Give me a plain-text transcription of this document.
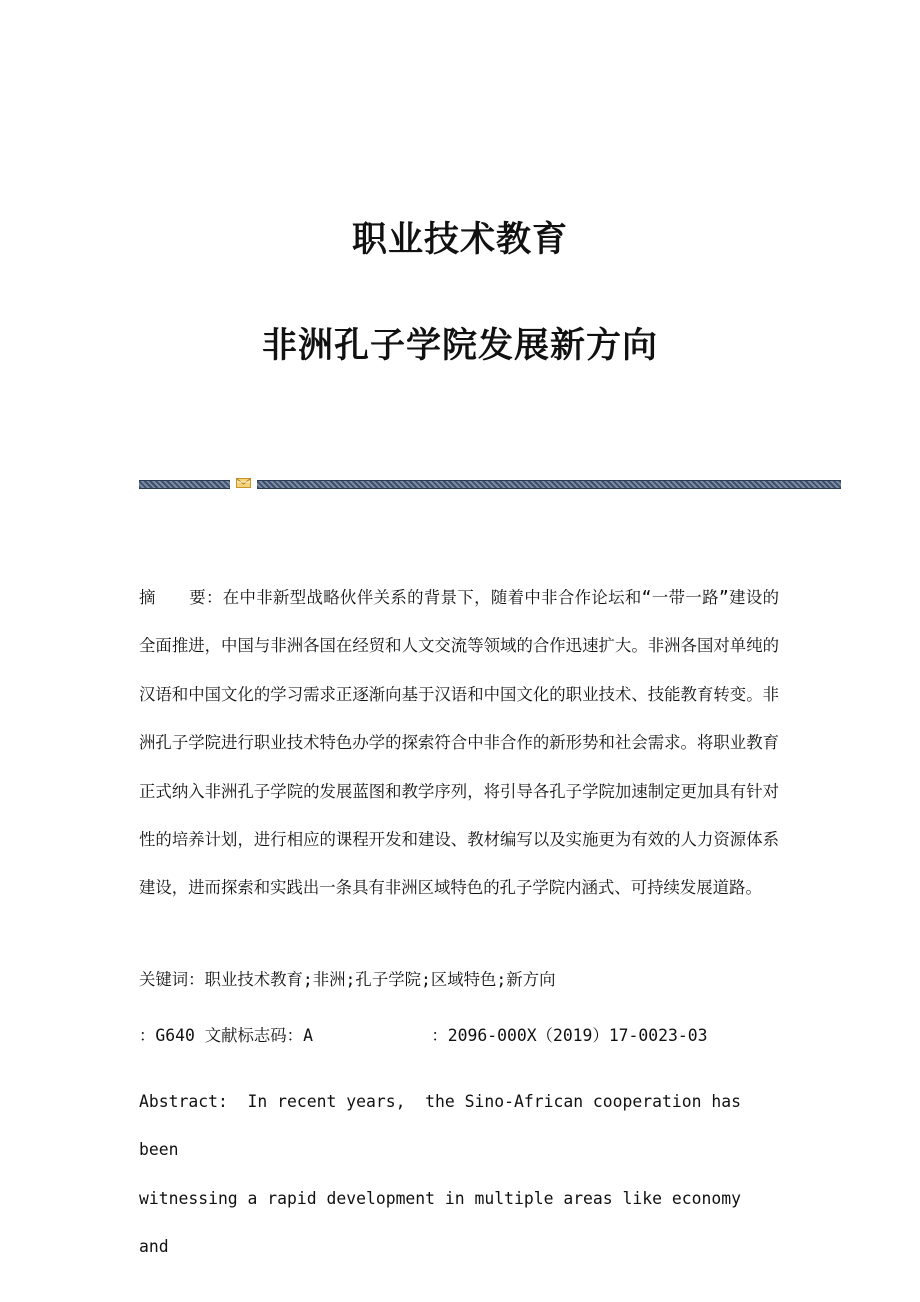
职业技术教育
非洲孔子学院发展新方向
摘　　要：在中非新型战略伙伴关系的背景下，随着中非合作论坛和“一带一路”建设的全面推进，中国与非洲各国在经贸和人文交流等领域的合作迅速扩大。非洲各国对单纯的汉语和中国文化的学习需求正逐渐向基于汉语和中国文化的职业技术、技能教育转变。非洲孔子学院进行职业技术特色办学的探索符合中非合作的新形势和社会需求。将职业教育正式纳入非洲孔子学院的发展蓝图和教学序列，将引导各孔子学院加速制定更加具有针对性的培养计划，进行相应的课程开发和建设、教材编写以及实施更为有效的人力资源体系建设，进而探索和实践出一条具有非洲区域特色的孔子学院内涵式、可持续发展道路。
关键词：职业技术教育;非洲;孔子学院;区域特色;新方向
：G640 文献标志码：A            ：2096-000X（2019）17-0023-03
Abstract:  In recent years,  the Sino-African cooperation has been
witnessing a rapid development in multiple areas like economy and
